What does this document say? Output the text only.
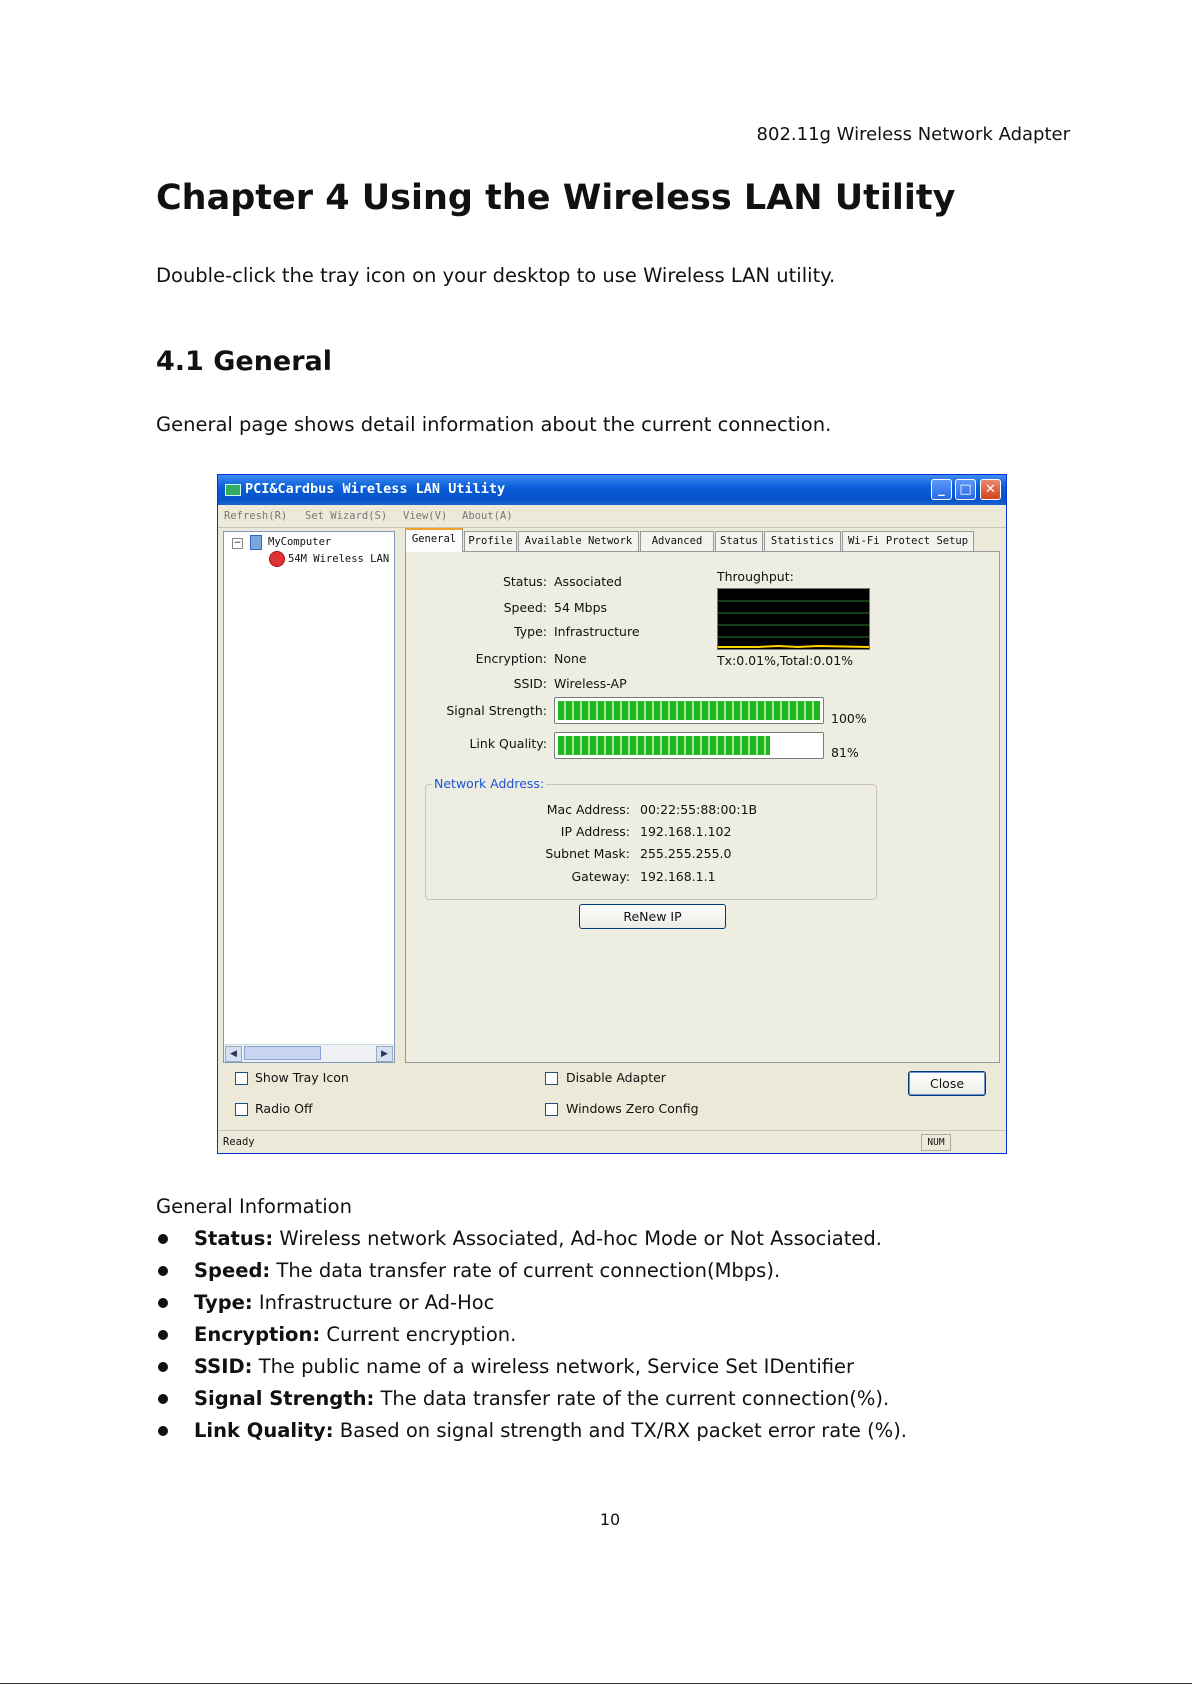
802.11g Wireless Network Adapter
Chapter 4 Using the Wireless LAN Utility
Double-click the tray icon on your desktop to use Wireless LAN utility.
4.1 General
General page shows detail information about the current connection.
PCI&Cardbus Wireless LAN Utility	_	□	✕
Refresh(R) Set Wizard(S) View(V) About(A)
−	MyComputer
54M Wireless LAN
◀	▶
General	Profile	Available Network	Advanced	Status	Statistics	Wi-Fi Protect Setup
Status: Associated
Speed: 54 Mbps
Type: Infrastructure
Encryption: None
SSID: Wireless-AP
Throughput:
Tx:0.01%,Total:0.01%
Signal Strength:
100%
Link Quality:
81%
Network Address:
Mac Address: 00:22:55:88:00:1B
IP Address: 192.168.1.102
Subnet Mask: 255.255.255.0
Gateway: 192.168.1.1
ReNew IP
Show Tray Icon
Radio Off
Disable Adapter
Windows Zero Config
Close
Ready	NUM
General Information
Status: Wireless network Associated, Ad-hoc Mode or Not Associated.
Speed: The data transfer rate of current connection(Mbps).
Type: Infrastructure or Ad-Hoc
Encryption: Current encryption.
SSID: The public name of a wireless network, Service Set IDentifier
Signal Strength: The data transfer rate of the current connection(%).
Link Quality: Based on signal strength and TX/RX packet error rate (%).
10
